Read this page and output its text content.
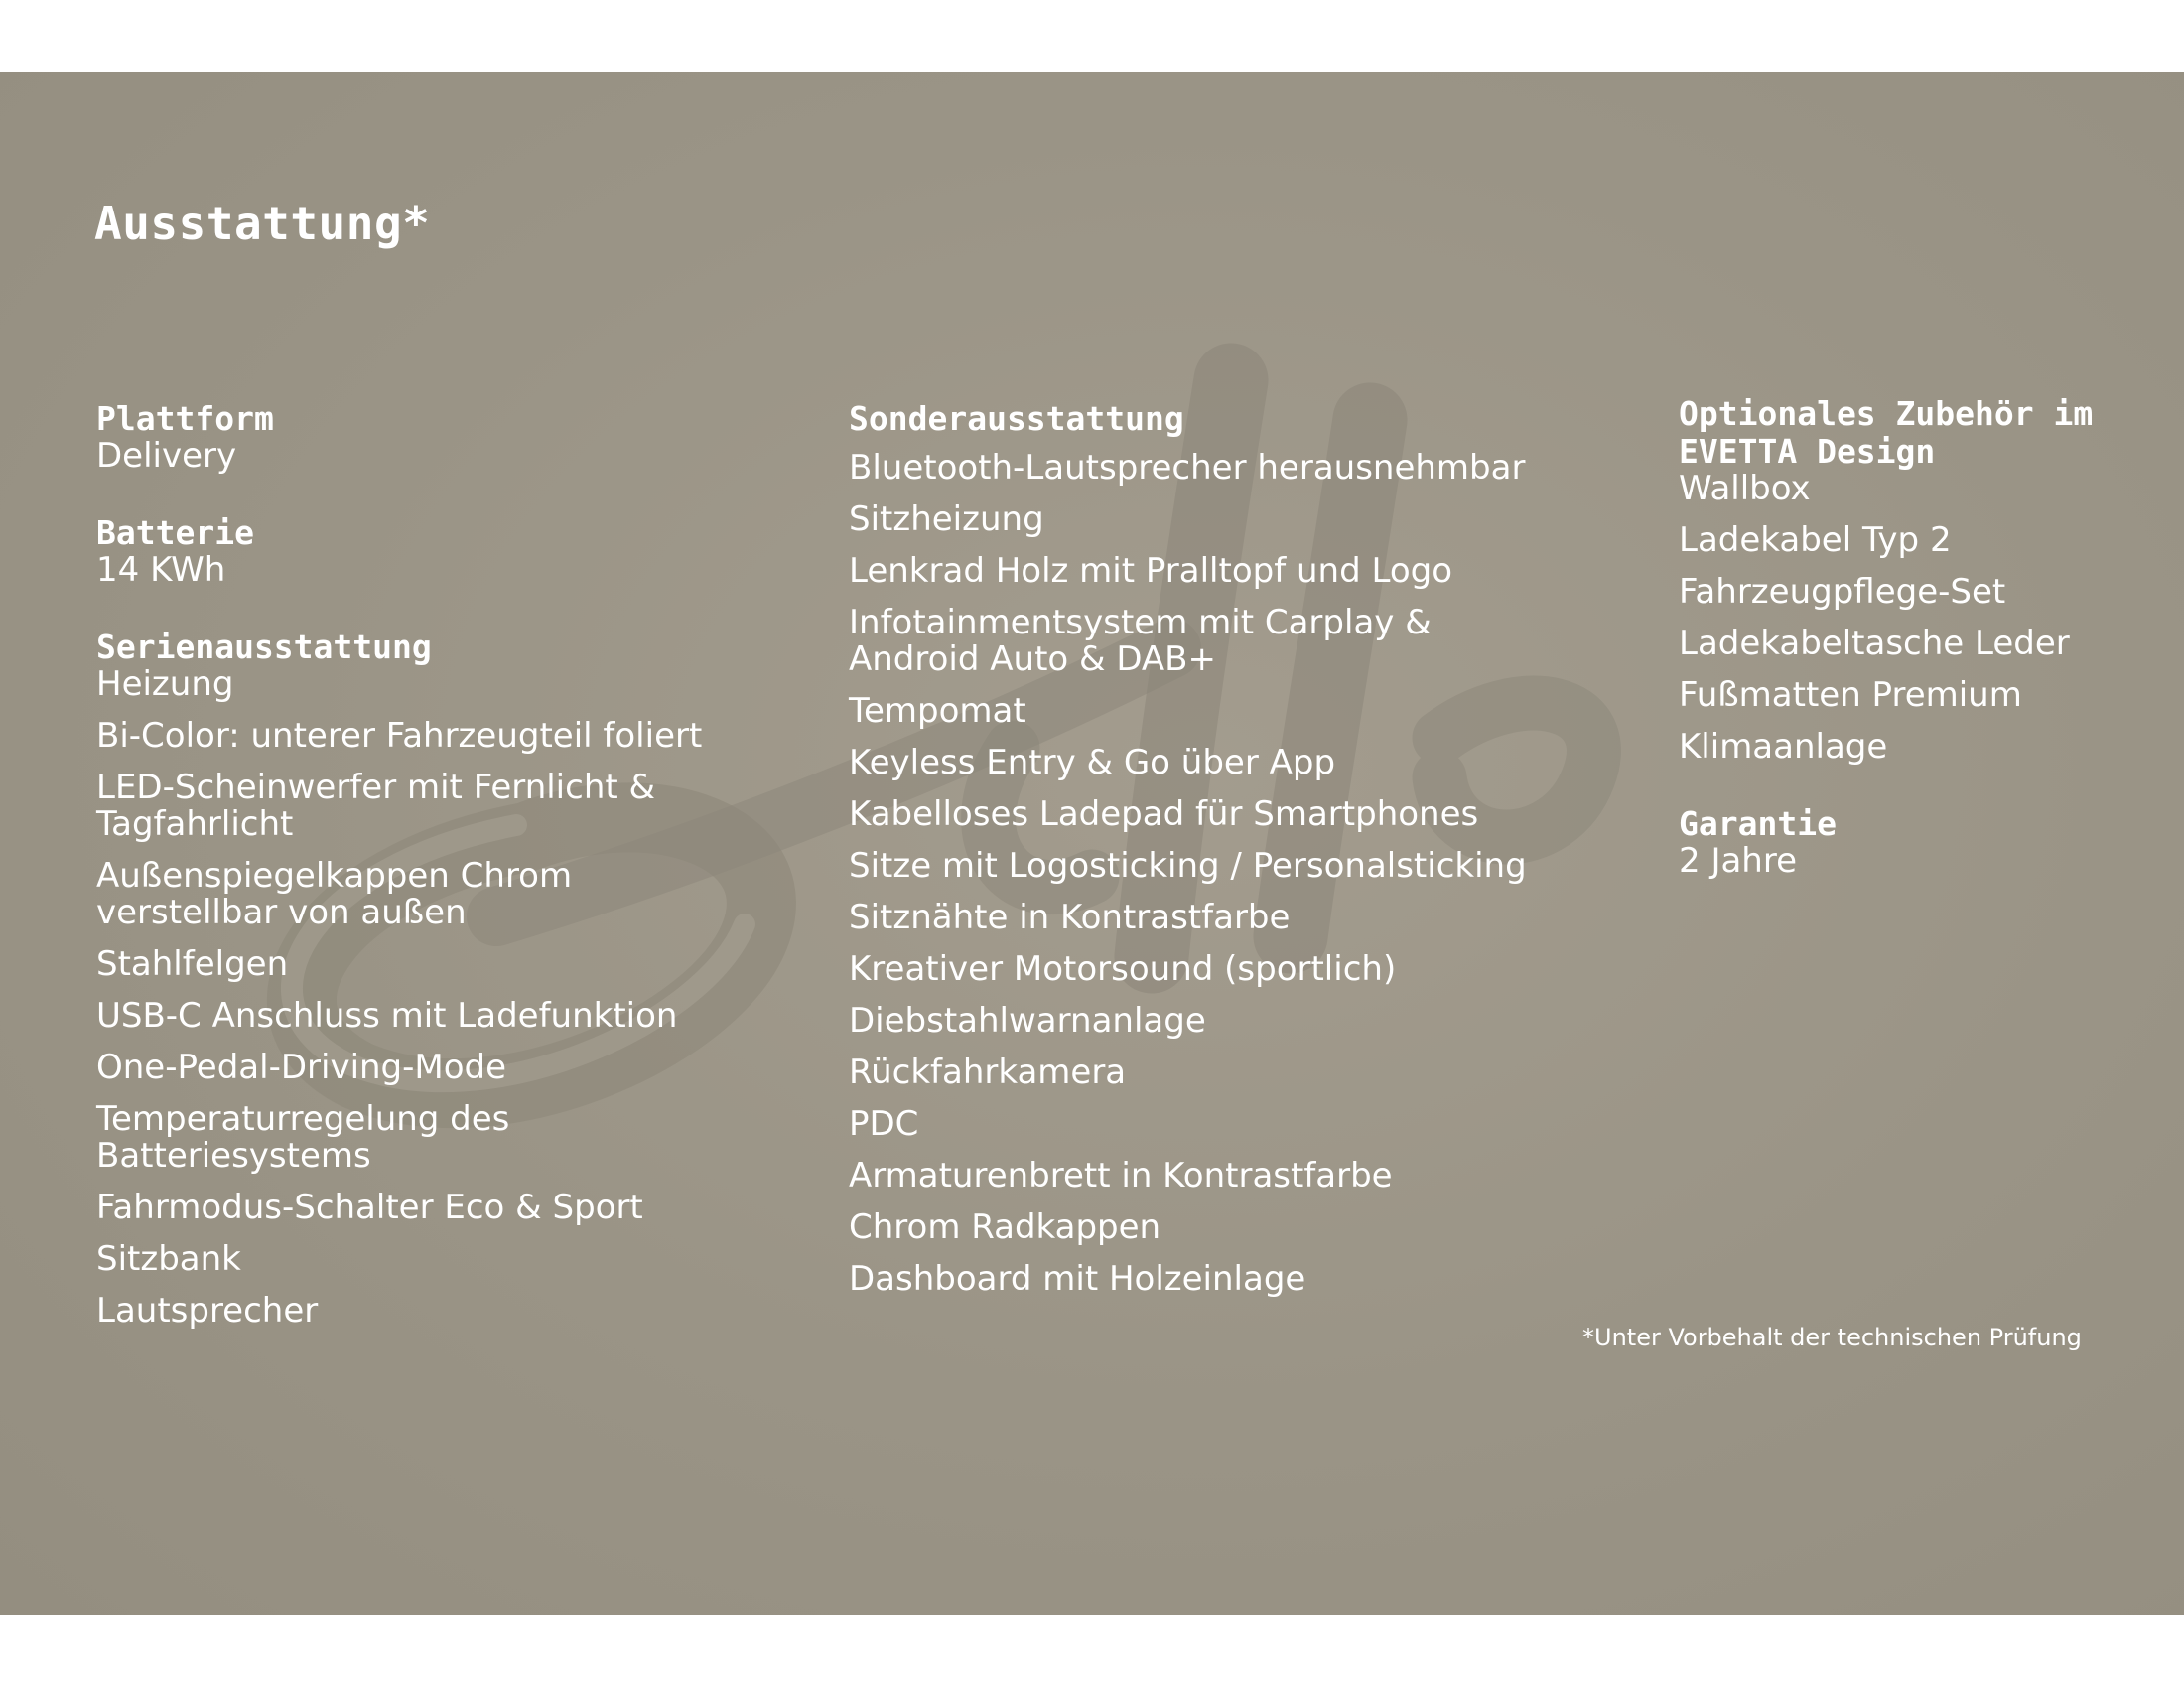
Ausstattung*

Plattform

Delivery

Batterie

14 KWh

Serienausstattung

Heizung

Bi-Color: unterer Fahrzeugteil foliert

LED-Scheinwerfer mit Fernlicht &
Tagfahrlicht

Außenspiegelkappen Chrom
verstellbar von außen

Stahlfelgen

USB-C Anschluss mit Ladefunktion

One-Pedal-Driving-Mode

Temperaturregelung des
Batteriesystems

Fahrmodus-Schalter Eco & Sport

Sitzbank

Lautsprecher

Sonderausstattung

Bluetooth-Lautsprecher herausnehmbar

Sitzheizung

Lenkrad Holz mit Pralltopf und Logo

Infotainmentsystem mit Carplay &
Android Auto & DAB+

Tempomat

Keyless Entry & Go über App

Kabelloses Ladepad für Smartphones

Sitze mit Logosticking / Personalsticking

Sitznähte in Kontrastfarbe

Kreativer Motorsound (sportlich)

Diebstahlwarnanlage

Rückfahrkamera

PDC

Armaturenbrett in Kontrastfarbe

Chrom Radkappen

Dashboard mit Holzeinlage

Optionales Zubehör im
EVETTA Design

Wallbox

Ladekabel Typ 2

Fahrzeugpflege-Set

Ladekabeltasche Leder

Fußmatten Premium

Klimaanlage

Garantie

2 Jahre

*Unter Vorbehalt der technischen Prüfung
